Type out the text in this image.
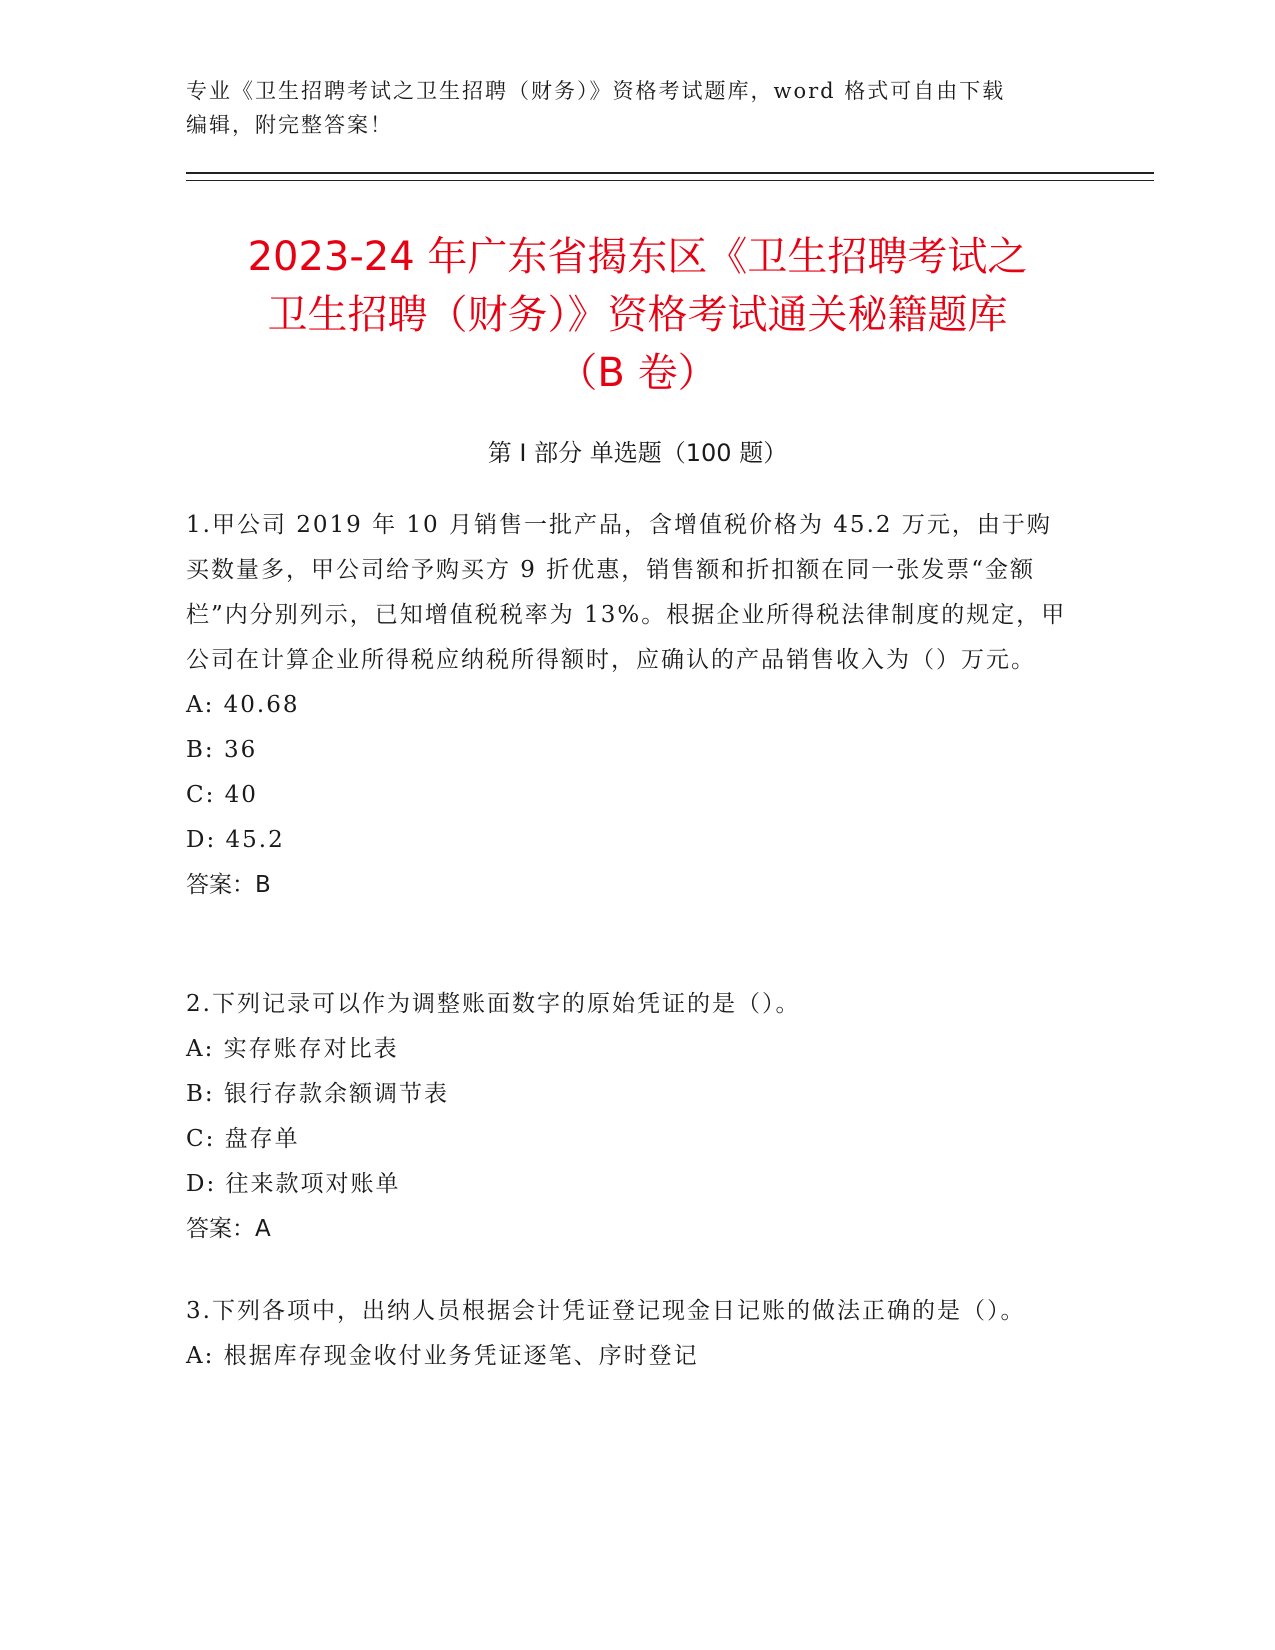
专业《卫生招聘考试之卫生招聘（财务）》资格考试题库，word 格式可自由下载
编辑，附完整答案！
2023-24 年广东省揭东区《卫生招聘考试之
卫生招聘（财务）》资格考试通关秘籍题库
（B 卷）
第 I 部分 单选题（100 题）

1.甲公司 2019 年 10 月销售一批产品，含增值税价格为 45.2 万元，由于购买数量多，甲公司给予购买方 9 折优惠，销售额和折扣额在同一张发票“金额栏”内分别列示，已知增值税税率为 13%。根据企业所得税法律制度的规定，甲公司在计算企业所得税应纳税所得额时，应确认的产品销售收入为（）万元。

A: 40.68

B: 36

C: 40

D: 45.2

答案：B

2.下列记录可以作为调整账面数字的原始凭证的是（）。

A: 实存账存对比表

B: 银行存款余额调节表

C: 盘存单

D: 往来款项对账单

答案：A

3.下列各项中，出纳人员根据会计凭证登记现金日记账的做法正确的是（）。

A: 根据库存现金收付业务凭证逐笔、序时登记
